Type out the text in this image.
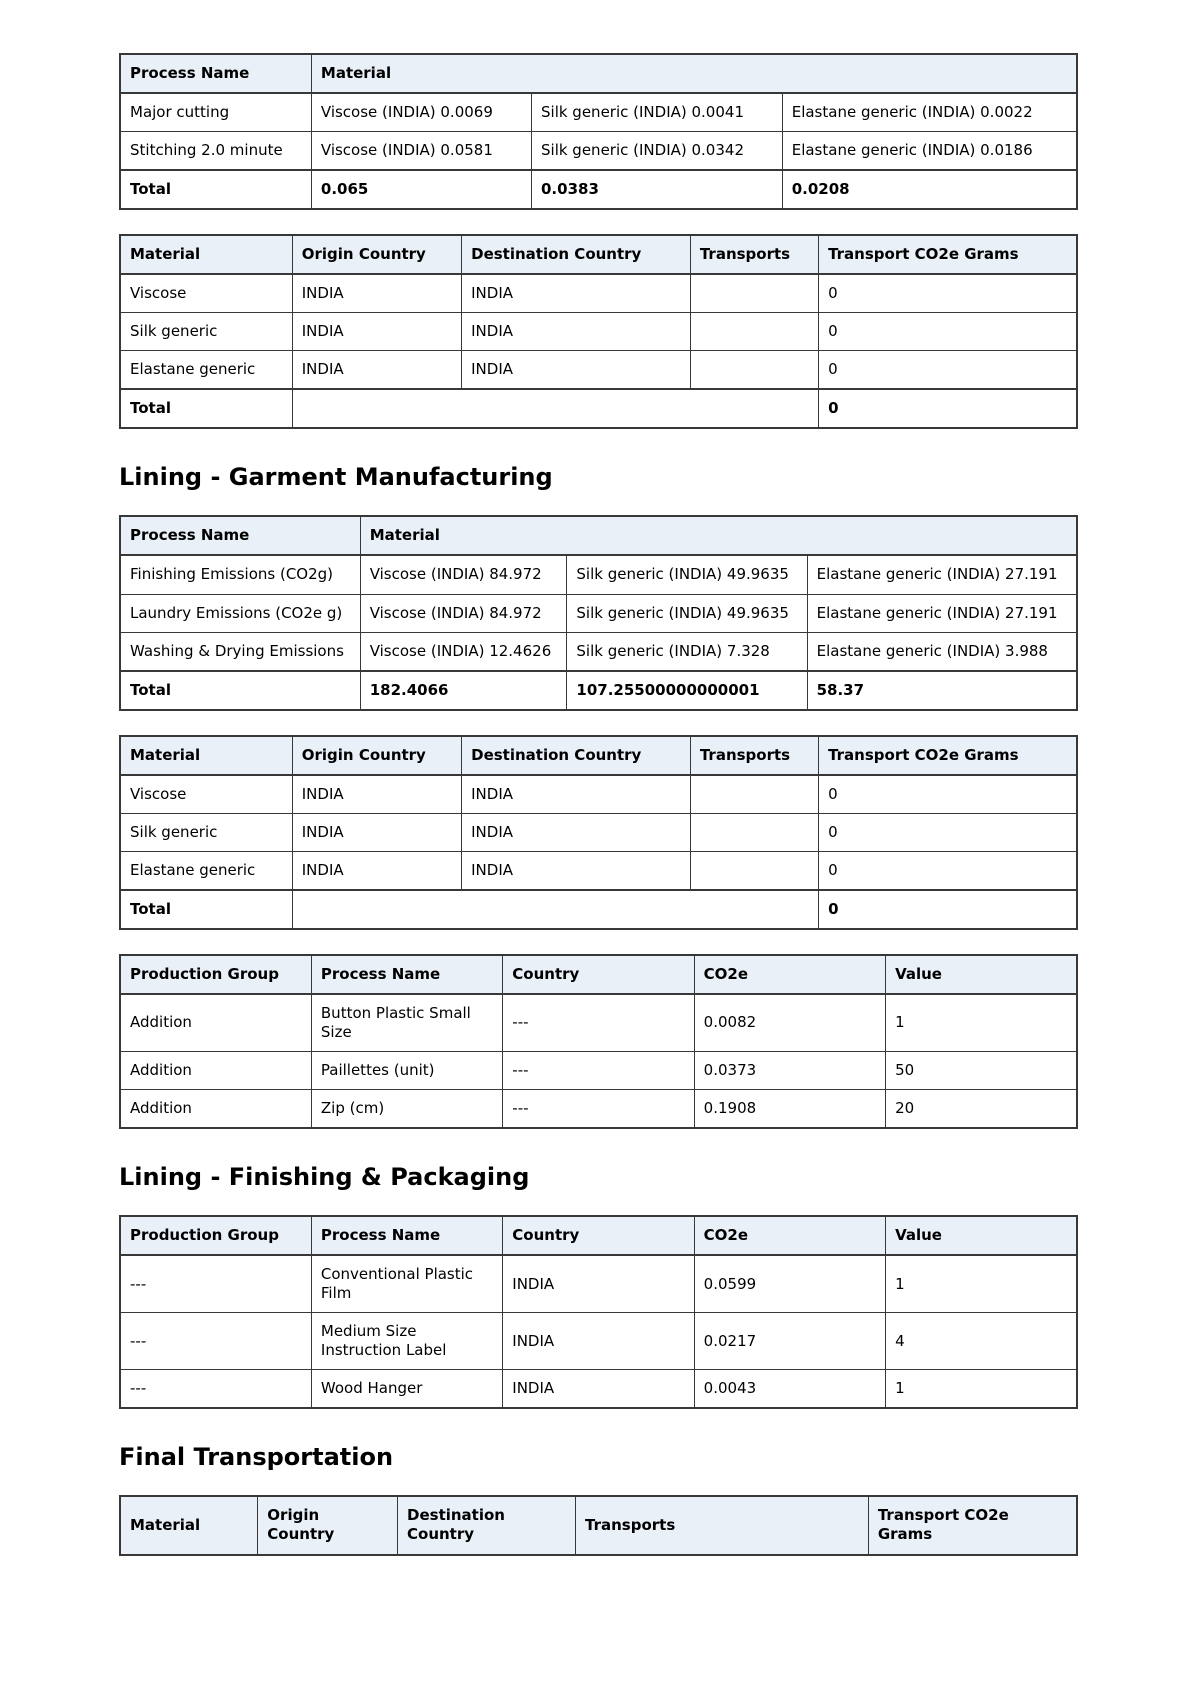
Process Name	Material		
Major cutting	Viscose (INDIA) 0.0069	Silk generic (INDIA) 0.0041	Elastane generic (INDIA) 0.0022
Stitching 2.0 minute	Viscose (INDIA) 0.0581	Silk generic (INDIA) 0.0342	Elastane generic (INDIA) 0.0186
Total	0.065	0.0383	0.0208
Material	Origin Country	Destination Country	Transports	Transport CO2e Grams
Viscose	INDIA	INDIA		0
Silk generic	INDIA	INDIA		0
Elastane generic	INDIA	INDIA		0
Total				0
Lining - Garment Manufacturing
Process Name	Material		
Finishing Emissions (CO2g)	Viscose (INDIA) 84.972	Silk generic (INDIA) 49.9635	Elastane generic (INDIA) 27.191
Laundry Emissions (CO2e g)	Viscose (INDIA) 84.972	Silk generic (INDIA) 49.9635	Elastane generic (INDIA) 27.191
Washing & Drying Emissions	Viscose (INDIA) 12.4626	Silk generic (INDIA) 7.328	Elastane generic (INDIA) 3.988
Total	182.4066	107.25500000000001	58.37
Material	Origin Country	Destination Country	Transports	Transport CO2e Grams
Viscose	INDIA	INDIA		0
Silk generic	INDIA	INDIA		0
Elastane generic	INDIA	INDIA		0
Total				0
Production Group	Process Name	Country	CO2e	Value
Addition	Button Plastic Small Size	---	0.0082	1
Addition	Paillettes (unit)	---	0.0373	50
Addition	Zip (cm)	---	0.1908	20
Lining - Finishing & Packaging
Production Group	Process Name	Country	CO2e	Value
---	Conventional Plastic Film	INDIA	0.0599	1
---	Medium Size Instruction Label	INDIA	0.0217	4
---	Wood Hanger	INDIA	0.0043	1
Final Transportation
Material	Origin Country	Destination Country	Transports	Transport CO2e Grams
